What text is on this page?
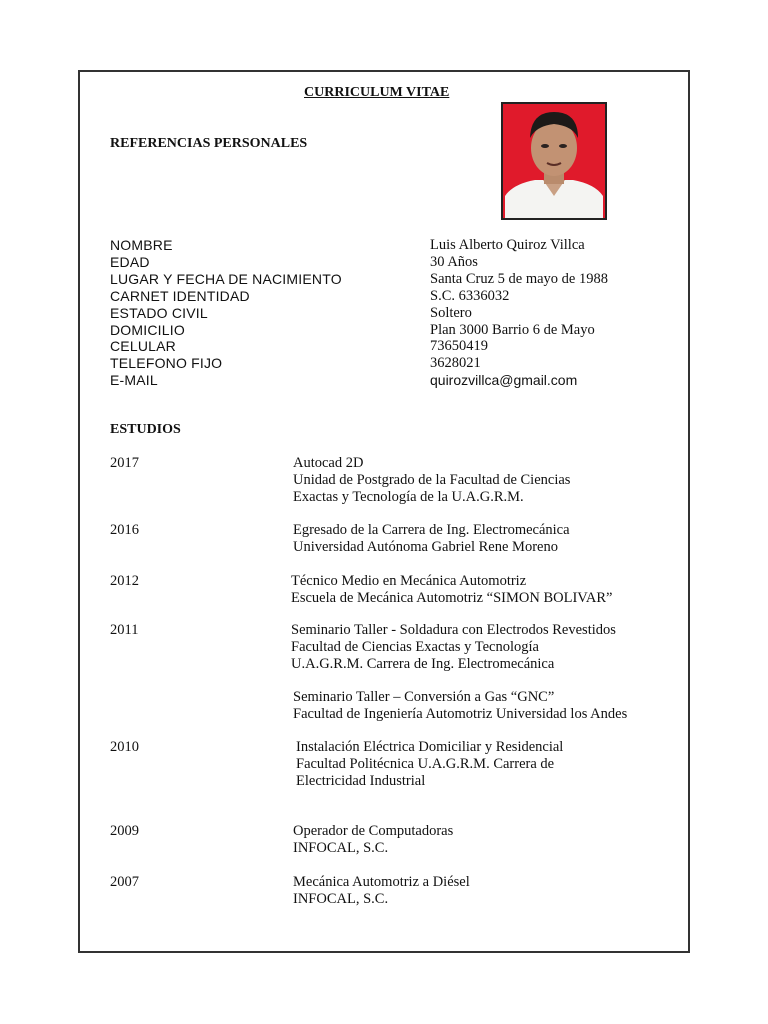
CURRICULUM VITAE
REFERENCIAS PERSONALES
NOMBRE	Luis Alberto Quiroz Villca
EDAD	30 Años
LUGAR Y FECHA DE NACIMIENTO	Santa Cruz 5 de mayo de 1988
CARNET IDENTIDAD	S.C. 6336032
ESTADO CIVIL	Soltero
DOMICILIO	Plan 3000 Barrio 6 de Mayo
CELULAR	73650419
TELEFONO FIJO	3628021
E-MAIL	quirozvillca@gmail.com
ESTUDIOS
2017	Autocad 2D
Unidad de Postgrado de la Facultad de Ciencias
Exactas y Tecnología de la U.A.G.R.M.
2016	Egresado de la Carrera de Ing. Electromecánica
Universidad Autónoma Gabriel Rene Moreno
2012	Técnico Medio en Mecánica Automotriz
Escuela de Mecánica Automotriz “SIMON BOLIVAR”
2011	Seminario Taller - Soldadura con Electrodos Revestidos
Facultad de Ciencias Exactas y Tecnología
U.A.G.R.M. Carrera de Ing. Electromecánica
Seminario Taller – Conversión a Gas “GNC”
Facultad de Ingeniería Automotriz Universidad los Andes
2010	Instalación Eléctrica Domiciliar y Residencial
Facultad Politécnica U.A.G.R.M. Carrera de
Electricidad Industrial
2009	Operador de Computadoras
INFOCAL, S.C.
2007	Mecánica Automotriz a Diésel
INFOCAL, S.C.
